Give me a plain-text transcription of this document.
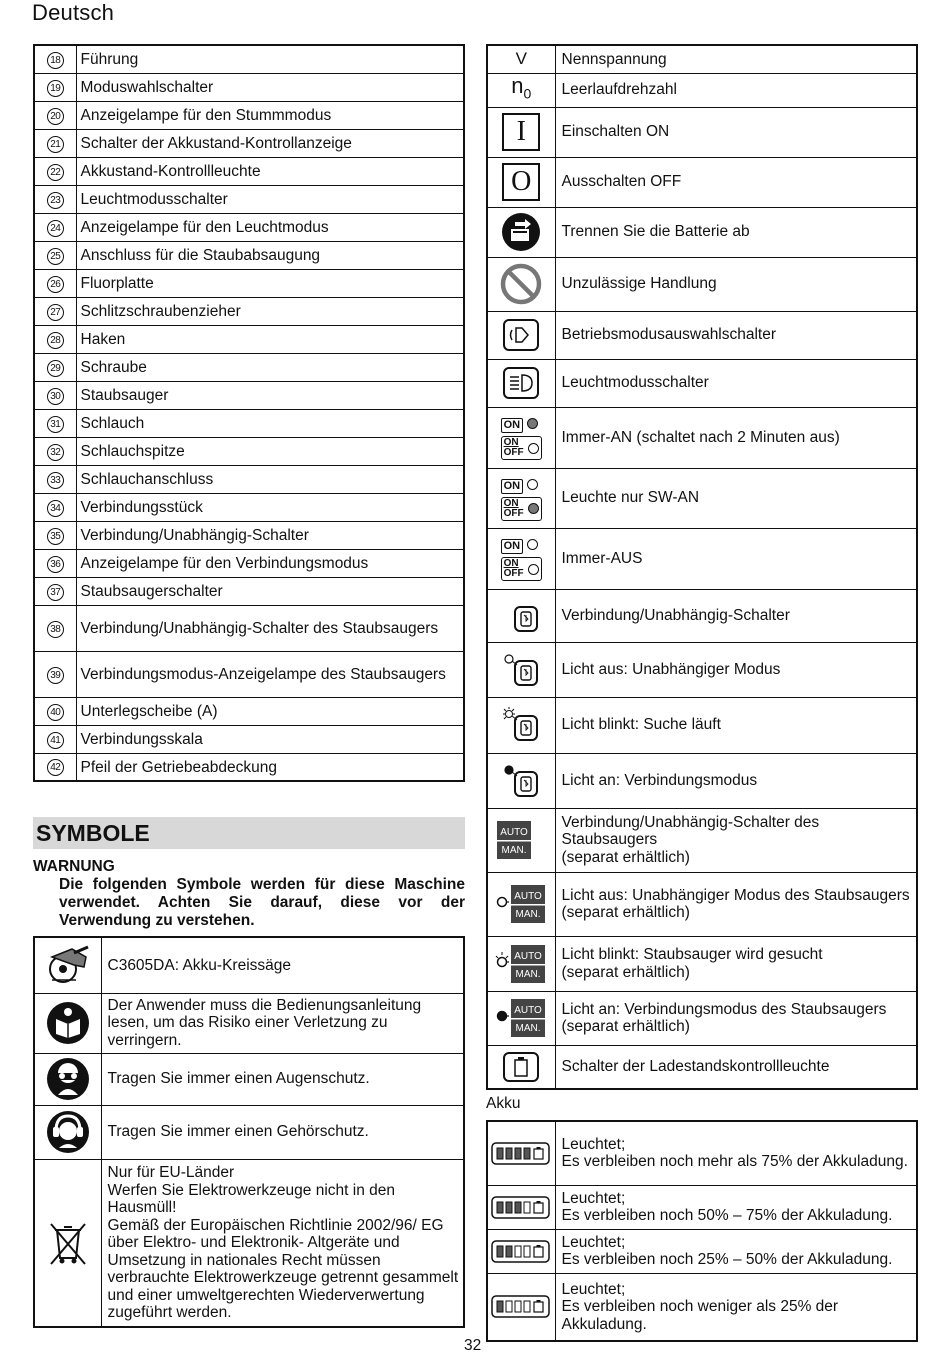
Deutsch
18	Führung
19	Moduswahlschalter
20	Anzeigelampe für den Stummmodus
21	Schalter der Akkustand-Kontrollanzeige
22	Akkustand-Kontrollleuchte
23	Leuchtmodusschalter
24	Anzeigelampe für den Leuchtmodus
25	Anschluss für die Staubabsaugung
26	Fluorplatte
27	Schlitzschraubenzieher
28	Haken
29	Schraube
30	Staubsauger
31	Schlauch
32	Schlauchspitze
33	Schlauchanschluss
34	Verbindungsstück
35	Verbindung/Unabhängig-Schalter
36	Anzeigelampe für den Verbindungsmodus
37	Staubsaugerschalter
38	Verbindung/Unabhängig-Schalter des Staubsaugers
39	Verbindungsmodus-Anzeigelampe des Staubsaugers
40	Unterlegscheibe (A)
41	Verbindungsskala
42	Pfeil der Getriebeabdeckung
SYMBOLE
WARNUNG
Die folgenden Symbole werden für diese Maschine verwendet. Achten Sie darauf, diese vor der Verwendung zu verstehen.
	C3605DA: Akku-Kreissäge

	Der Anwender muss die Bedienungsanleitung lesen, um das Risiko einer Verletzung zu verringern.

	Tragen Sie immer einen Augenschutz.

	Tragen Sie immer einen Gehörschutz.

	Nur für EU-Länder
Werfen Sie Elektrowerkzeuge nicht in den Hausmüll!
Gemäß der Europäischen Richtlinie 2002/96/ EG über Elektro- und Elektronik- Altgeräte und Umsetzung in nationales Recht müssen verbrauchte Elektrowerkzeuge getrennt gesammelt und einer umweltgerechten Wiederverwertung zugeführt werden.
V	Nennspannung
$n_0$	Leerlaufdrehzahl
I	Einschalten ON
O	Ausschalten OFF

	Trennen Sie die Batterie ab

	Unzulässige Handlung

	Betriebsmodusauswahlschalter

	Leuchtmodusschalter

ON
ON
OFF	Immer-AN (schaltet nach 2 Minuten aus)

ON
ON
OFF	Leuchte nur SW-AN

ON
ON
OFF	Immer-AUS

	Verbindung/Unabhängig-Schalter

	Licht aus: Unabhängiger Modus

	Licht blinkt: Suche läuft

	Licht an: Verbindungsmodus

AUTO
MAN.	Verbindung/Unabhängig-Schalter des Staubsaugers
(separat erhältlich)

AUTO
MAN.	Licht aus: Unabhängiger Modus des Staubsaugers
(separat erhältlich)

AUTO
MAN.	Licht blinkt: Staubsauger wird gesucht
(separat erhältlich)

AUTO
MAN.	Licht an: Verbindungsmodus des Staubsaugers
(separat erhältlich)

	Schalter der Ladestandskontrollleuchte
Akku
	Leuchtet;
Es verbleiben noch mehr als 75% der Akkuladung.

	Leuchtet;
Es verbleiben noch 50% – 75% der Akkuladung.

	Leuchtet;
Es verbleiben noch 25% – 50% der Akkuladung.

	Leuchtet;
Es verbleiben noch weniger als 25% der Akkuladung.
32
